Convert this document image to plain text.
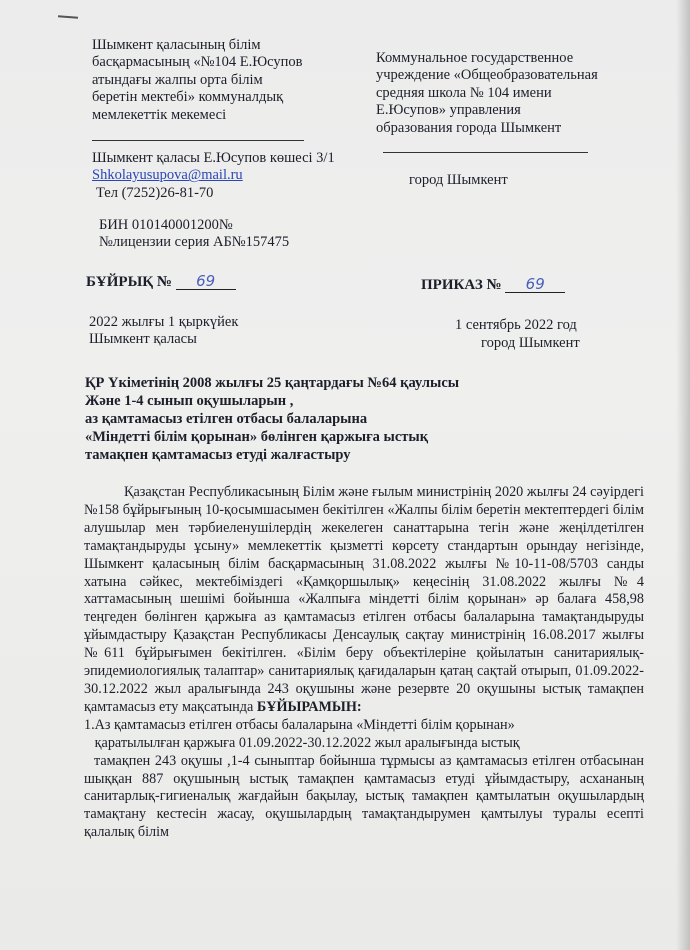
Шымкент қаласының білім
басқармасының «№104 Е.Юсупов
атындағы жалпы орта білім
беретін мектебі» коммуналдық
мемлекеттік мекемесі
Шымкент қаласы Е.Юсупов көшесі 3/1
Shkolayusupova@mail.ru
Тел (7252)26-81-70
БИН 010140001200№
№лицензии серия АБ№157475
Коммунальное государственное
учреждение «Общеобразовательная
средняя школа № 104 имени
Е.Юсупов» управления
образования города Шымкент
город Шымкент
БҰЙРЫҚ № 69	ПРИКАЗ № 69
2022 жылғы 1 қыркүйек
Шымкент қаласы
1 сентябрь 2022 год
город Шымкент
ҚР Үкіметінің 2008 жылғы 25 қаңтардағы №64 қаулысы
Және 1-4 сынып оқушыларын ,
аз қамтамасыз етілген отбасы балаларына
«Міндетті білім қорынан» бөлінген қаржыға ыстық
тамақпен қамтамасыз етуді жалғастыру

Қазақстан Республикасының Білім және ғылым министрінің 2020 жылғы 24 сәуірдегі №158 бұйрығының 10-қосымшасымен бекітілген «Жалпы білім беретін мектептердегі білім алушылар мен тәрбиеленушілердің жекелеген санаттарына тегін және жеңілдетілген тамақтандыруды ұсыну» мемлекеттік қызметті көрсету стандартын орындау негізінде, Шымкент қаласының білім басқармасының 31.08.2022 жылғы №10-11-08/5703 санды хатына сәйкес, мектебіміздегі «Қамқоршылық» кеңесінің 31.08.2022 жылғы №4 хаттамасының шешімі бойынша «Жалпыға міндетті білім қорынан» әр балаға 458,98 теңгеден бөлінген қаржыға аз қамтамасыз етілген отбасы балаларына тамақтандыруды ұйымдастыру Қазақстан Республикасы Денсаулық сақтау министрінің 16.08.2017 жылғы №611 бұйрығымен бекітілген. «Білім беру объектілеріне қойылатын санитариялық-эпидемиологиялық талаптар» санитариялық қағидаларын қатаң сақтай отырып, 01.09.2022-30.12.2022 жыл аралығында 243 оқушыны және резервте 20 оқушыны ыстық тамақпен қамтамасыз ету мақсатында БҰЙЫРАМЫН:

1.Аз қамтамасыз етілген отбасы балаларына «Міндетті білім қорынан»

қаратылылған қаржыға 01.09.2022-30.12.2022 жыл аралығында ыстық

тамақпен 243 оқушы ,1-4 сыныптар бойынша тұрмысы аз қамтамасыз етілген отбасынан шыққан 887 оқушының ыстық тамақпен қамтамасыз етуді ұйымдастыру, асхананың санитарлық-гигиеналық жағдайын бақылау, ыстық тамақпен қамтылатын оқушылардың тамақтану кестесін жасау, оқушылардың тамақтандырумен қамтылуы туралы есепті қалалық білім
